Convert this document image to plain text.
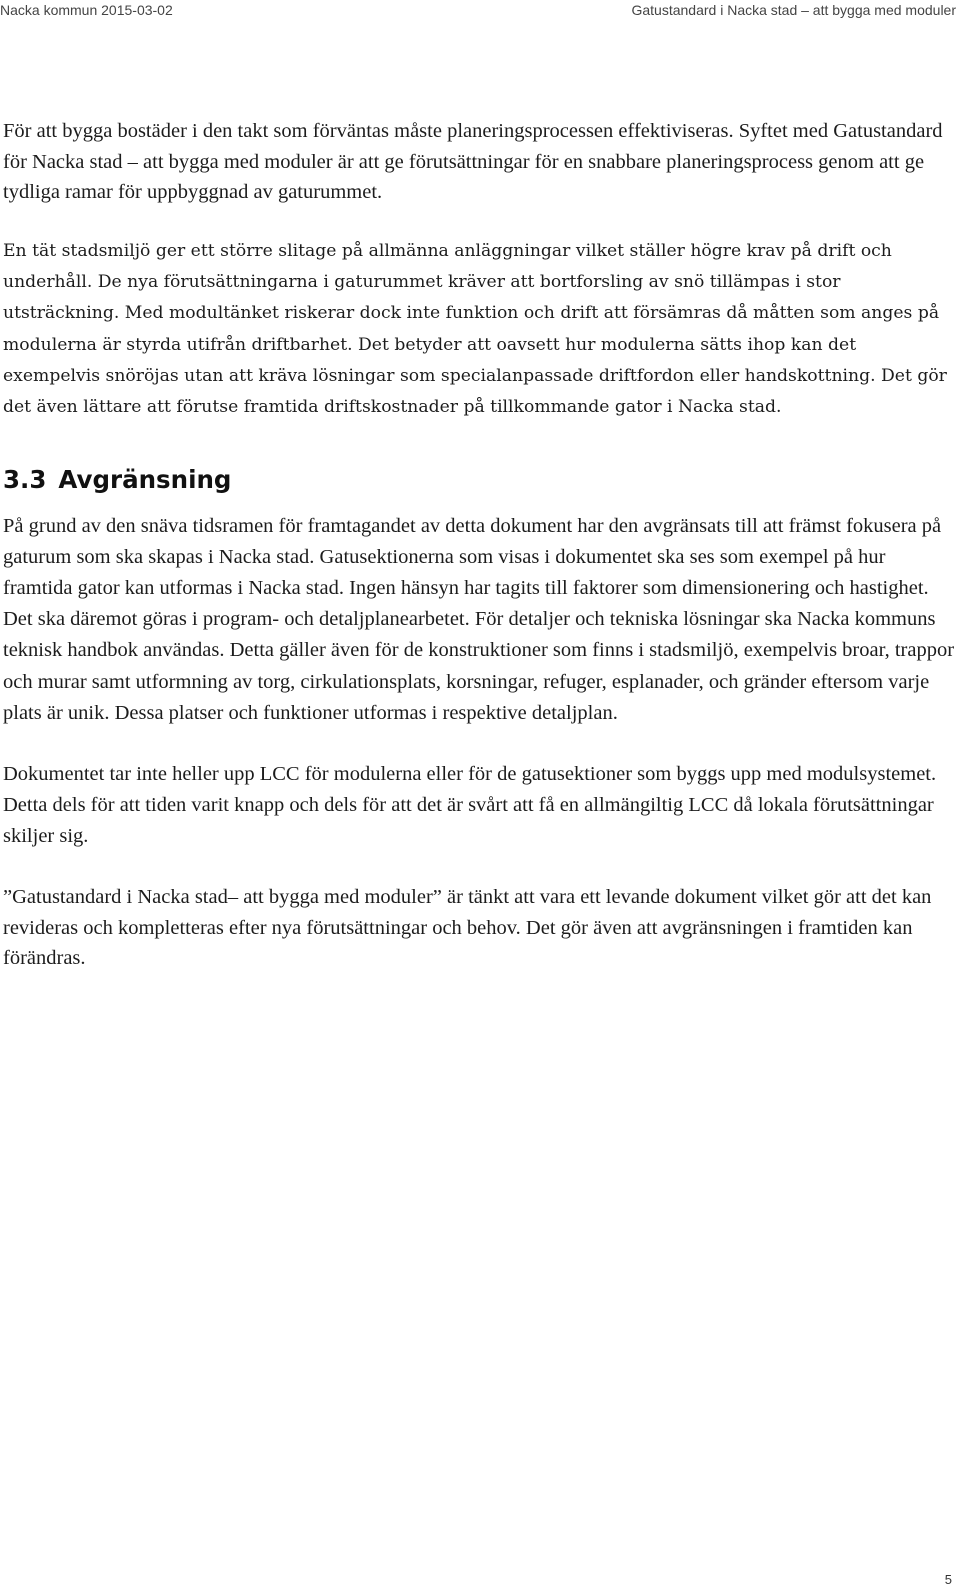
Nacka kommun 2015-03-02	Gatustandard i Nacka stad – att bygga med moduler

För att bygga bostäder i den takt som förväntas måste planeringsprocessen effektiviseras. Syftet med Gatustandard för Nacka stad – att bygga med moduler är att ge förutsättningar för en snabbare planeringsprocess genom att ge tydliga ramar för uppbyggnad av gaturummet.

En tät stadsmiljö ger ett större slitage på allmänna anläggningar vilket ställer högre krav på drift och underhåll. De nya förutsättningarna i gaturummet kräver att bortforsling av snö tillämpas i stor utsträckning. Med modultänket riskerar dock inte funktion och drift att försämras då måtten som anges på modulerna är styrda utifrån driftbarhet. Det betyder att oavsett hur modulerna sätts ihop kan det exempelvis snöröjas utan att kräva lösningar som specialanpassade driftfordon eller handskottning. Det gör det även lättare att förutse framtida driftskostnader på tillkommande gator i Nacka stad.

3.3 Avgränsning

På grund av den snäva tidsramen för framtagandet av detta dokument har den avgränsats till att främst fokusera på gaturum som ska skapas i Nacka stad. Gatusektionerna som visas i dokumentet ska ses som exempel på hur framtida gator kan utformas i Nacka stad. Ingen hänsyn har tagits till faktorer som dimensionering och hastighet. Det ska däremot göras i program- och detaljplanearbetet. För detaljer och tekniska lösningar ska Nacka kommuns teknisk handbok användas. Detta gäller även för de konstruktioner som finns i stadsmiljö, exempelvis broar, trappor och murar samt utformning av torg, cirkulationsplats, korsningar, refuger, esplanader, och gränder eftersom varje plats är unik. Dessa platser och funktioner utformas i respektive detaljplan.

Dokumentet tar inte heller upp LCC för modulerna eller för de gatusektioner som byggs upp med modulsystemet. Detta dels för att tiden varit knapp och dels för att det är svårt att få en allmängiltig LCC då lokala förutsättningar skiljer sig.

”Gatustandard i Nacka stad– att bygga med moduler” är tänkt att vara ett levande dokument vilket gör att det kan revideras och kompletteras efter nya förutsättningar och behov. Det gör även att avgränsningen i framtiden kan förändras.

5
